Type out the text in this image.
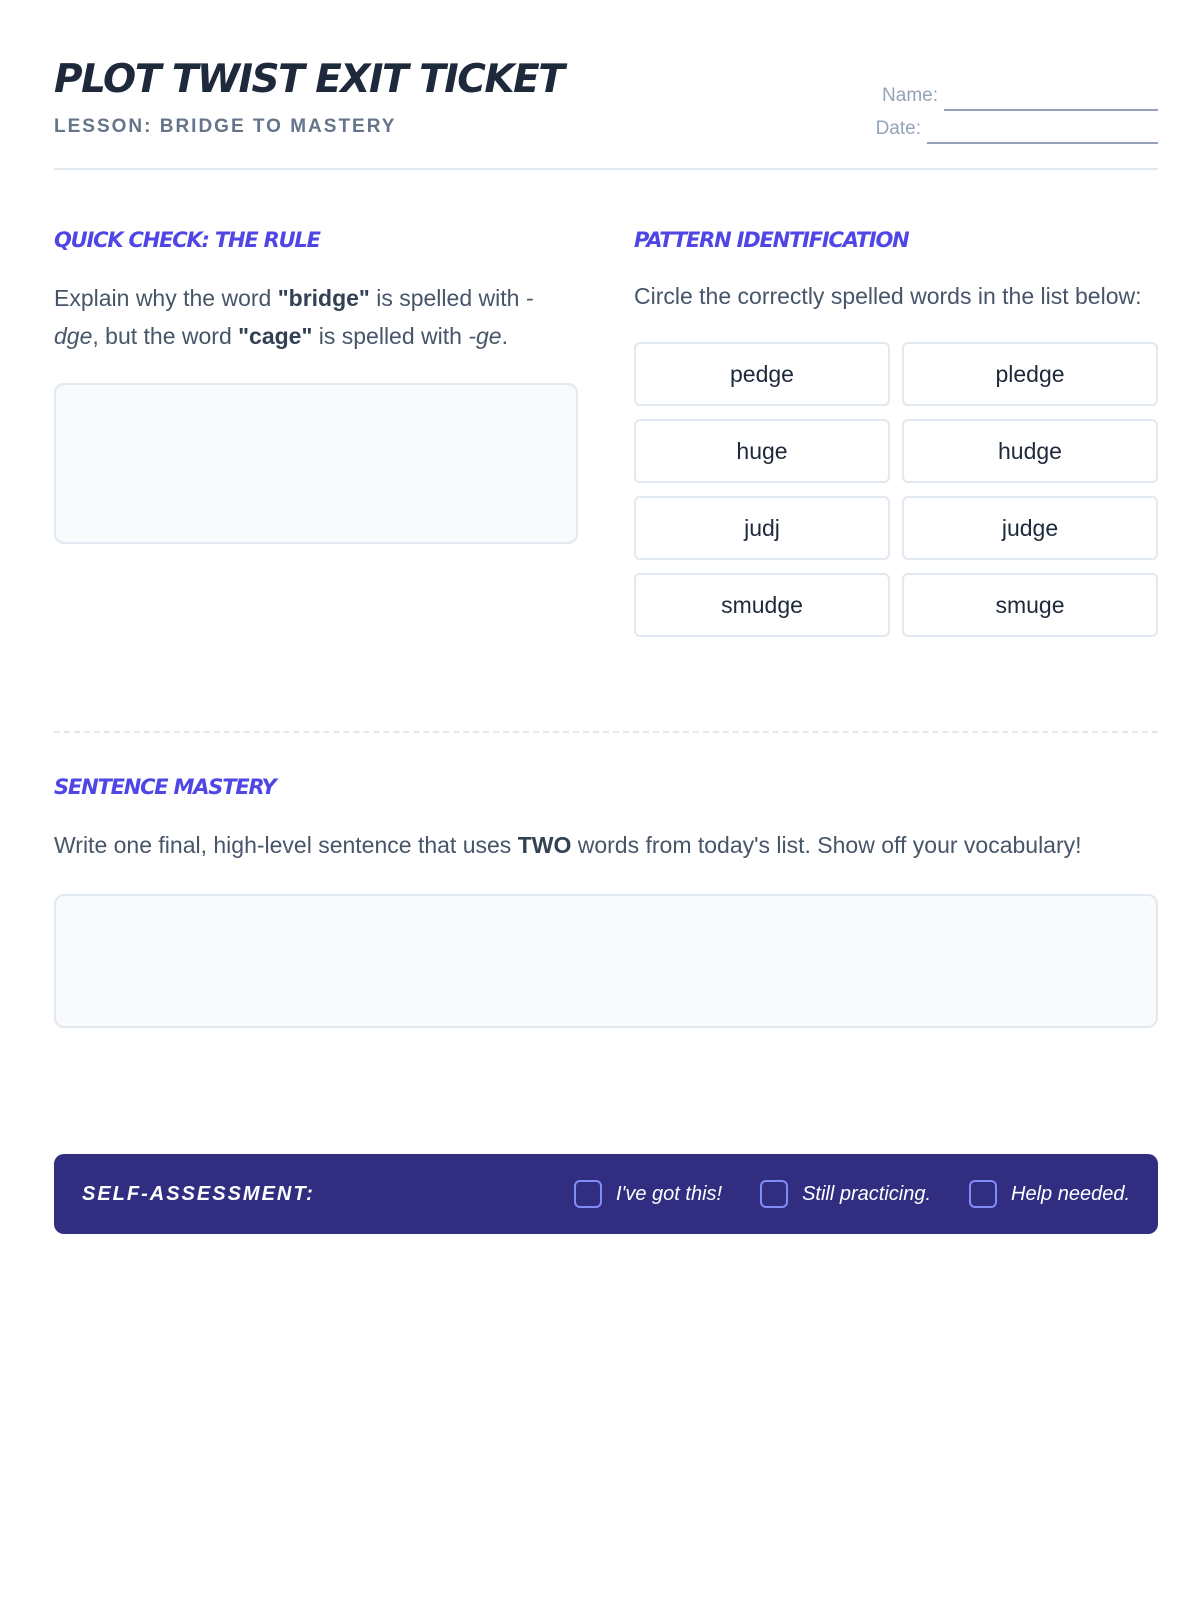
PLOT TWIST EXIT TICKET
LESSON: BRIDGE TO MASTERY
Name:
Date:
QUICK CHECK: THE RULE

Explain why the word "bridge" is spelled with -dge, but the word "cage" is spelled with -ge.

PATTERN IDENTIFICATION

Circle the correctly spelled words in the list below:

pedge	pledge
huge	hudge
judj	judge
smudge	smuge
SENTENCE MASTERY

Write one final, high-level sentence that uses TWO words from today's list. Show off your vocabulary!

SELF-ASSESSMENT:	I've got this!	Still practicing.	Help needed.
